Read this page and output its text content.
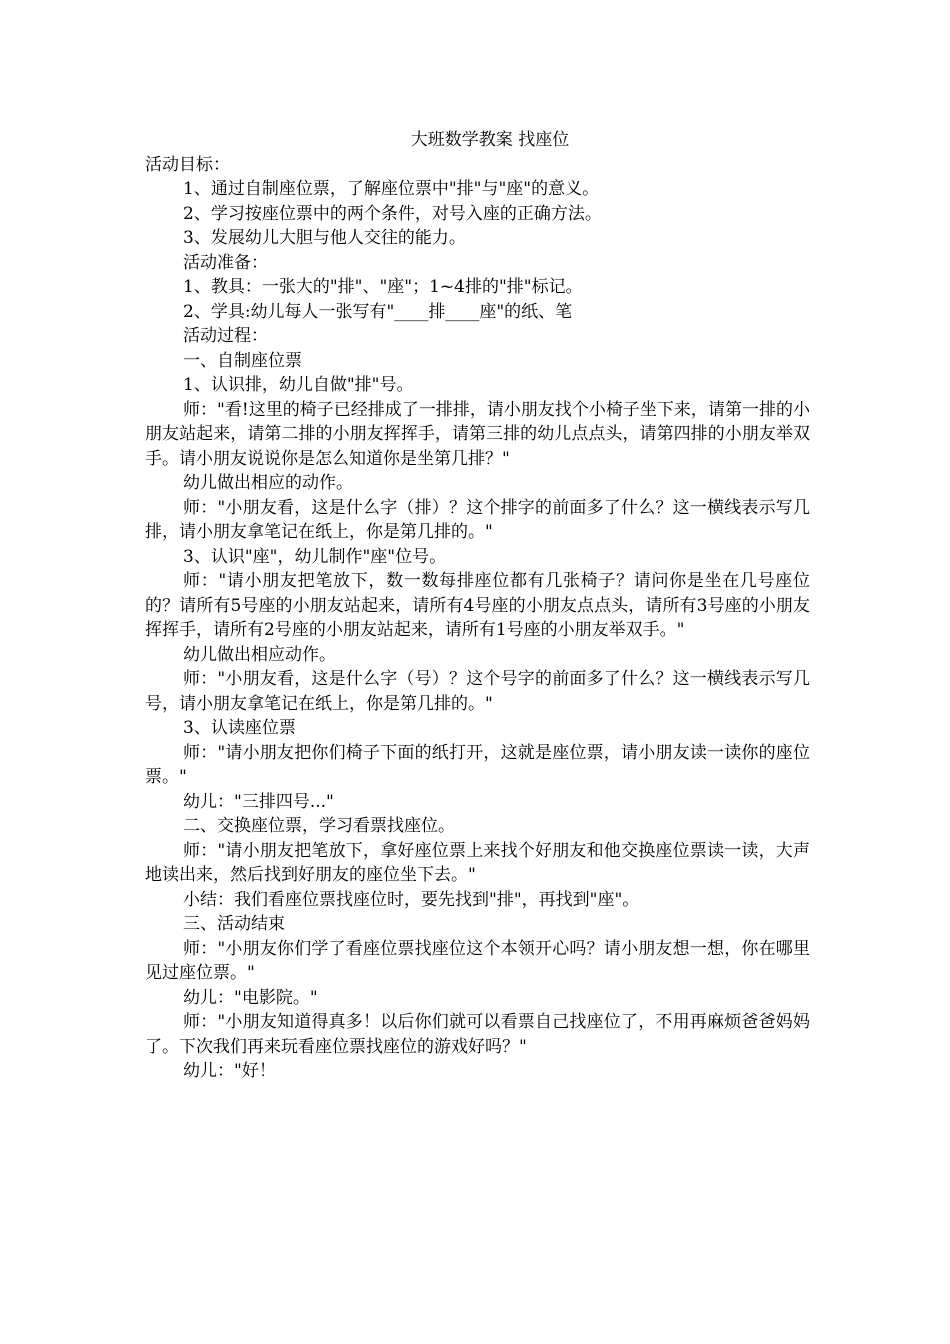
大班数学教案 找座位

活动目标：

1、通过自制座位票，了解座位票中"排"与"座"的意义。

2、学习按座位票中的两个条件，对号入座的正确方法。

3、发展幼儿大胆与他人交往的能力。

活动准备：

1、教具：一张大的"排"、"座"；1~4排的"排"标记。

2、学具:幼儿每人一张写有"____排____座"的纸、笔

活动过程：

一、自制座位票

1、认识排，幼儿自做"排"号。

师："看!这里的椅子已经排成了一排排，请小朋友找个小椅子坐下来，请第一排的小朋友站起来，请第二排的小朋友挥挥手，请第三排的幼儿点点头，请第四排的小朋友举双手。请小朋友说说你是怎么知道你是坐第几排？"

幼儿做出相应的动作。

师："小朋友看，这是什么字（排）？这个排字的前面多了什么？这一横线表示写几排，请小朋友拿笔记在纸上，你是第几排的。"

3、认识"座"，幼儿制作"座"位号。

师："请小朋友把笔放下，数一数每排座位都有几张椅子？请问你是坐在几号座位的？请所有5号座的小朋友站起来，请所有4号座的小朋友点点头，请所有3号座的小朋友挥挥手，请所有2号座的小朋友站起来，请所有1号座的小朋友举双手。"

幼儿做出相应动作。

师："小朋友看，这是什么字（号）？这个号字的前面多了什么？这一横线表示写几号，请小朋友拿笔记在纸上，你是第几排的。"

3、认读座位票

师："请小朋友把你们椅子下面的纸打开，这就是座位票，请小朋友读一读你的座位票。"

幼儿："三排四号..."

二、交换座位票，学习看票找座位。

师："请小朋友把笔放下，拿好座位票上来找个好朋友和他交换座位票读一读，大声地读出来，然后找到好朋友的座位坐下去。"

小结：我们看座位票找座位时，要先找到"排"，再找到"座"。

三、活动结束

师："小朋友你们学了看座位票找座位这个本领开心吗？请小朋友想一想，你在哪里见过座位票。"

幼儿："电影院。"

师："小朋友知道得真多！以后你们就可以看票自己找座位了，不用再麻烦爸爸妈妈了。下次我们再来玩看座位票找座位的游戏好吗？"

幼儿："好！
